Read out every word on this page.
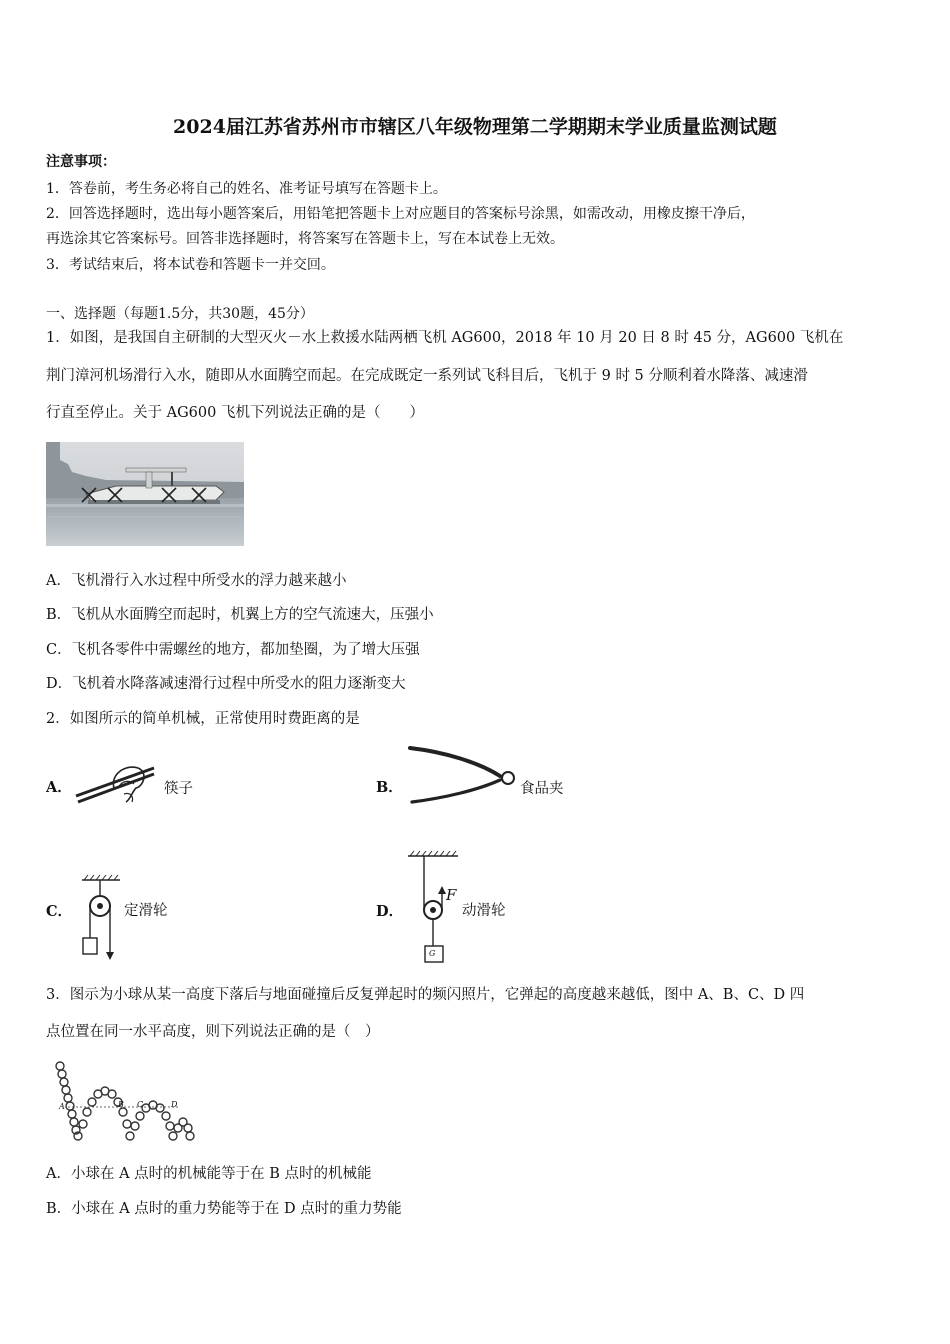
2024届江苏省苏州市市辖区八年级物理第二学期期末学业质量监测试题
注意事项：
1．答卷前，考生务必将自己的姓名、准考证号填写在答题卡上。
2．回答选择题时，选出每小题答案后，用铅笔把答题卡上对应题目的答案标号涂黑，如需改动，用橡皮擦干净后，
再选涂其它答案标号。回答非选择题时，将答案写在答题卡上，写在本试卷上无效。
3．考试结束后，将本试卷和答题卡一并交回。
一、选择题（每题1.5分，共30题，45分）
1．如图，是我国自主研制的大型灭火－水上救援水陆两栖飞机 AG600，2018 年 10 月 20 日 8 时 45 分，AG600 飞机在
荆门漳河机场滑行入水，随即从水面腾空而起。在完成既定一系列试飞科目后，飞机于 9 时 5 分顺利着水降落、减速滑
行直至停止。关于 AG600 飞机下列说法正确的是（　　）
A．飞机滑行入水过程中所受水的浮力越来越小
B．飞机从水面腾空而起时，机翼上方的空气流速大，压强小
C．飞机各零件中需螺丝的地方，都加垫圈，为了增大压强
D．飞机着水降落减速滑行过程中所受水的阻力逐渐变大
2．如图所示的简单机械，正常使用时费距离的是
A．	筷子	B．	食品夹
C．	定滑轮	D．
F
G
动滑轮
3．图示为小球从某一高度下落后与地面碰撞后反复弹起时的频闪照片，它弹起的高度越来越低，图中 A、B、C、D 四
点位置在同一水平高度，则下列说法正确的是（　）
A	B C	D
A．小球在 A 点时的机械能等于在 B 点时的机械能
B．小球在 A 点时的重力势能等于在 D 点时的重力势能
